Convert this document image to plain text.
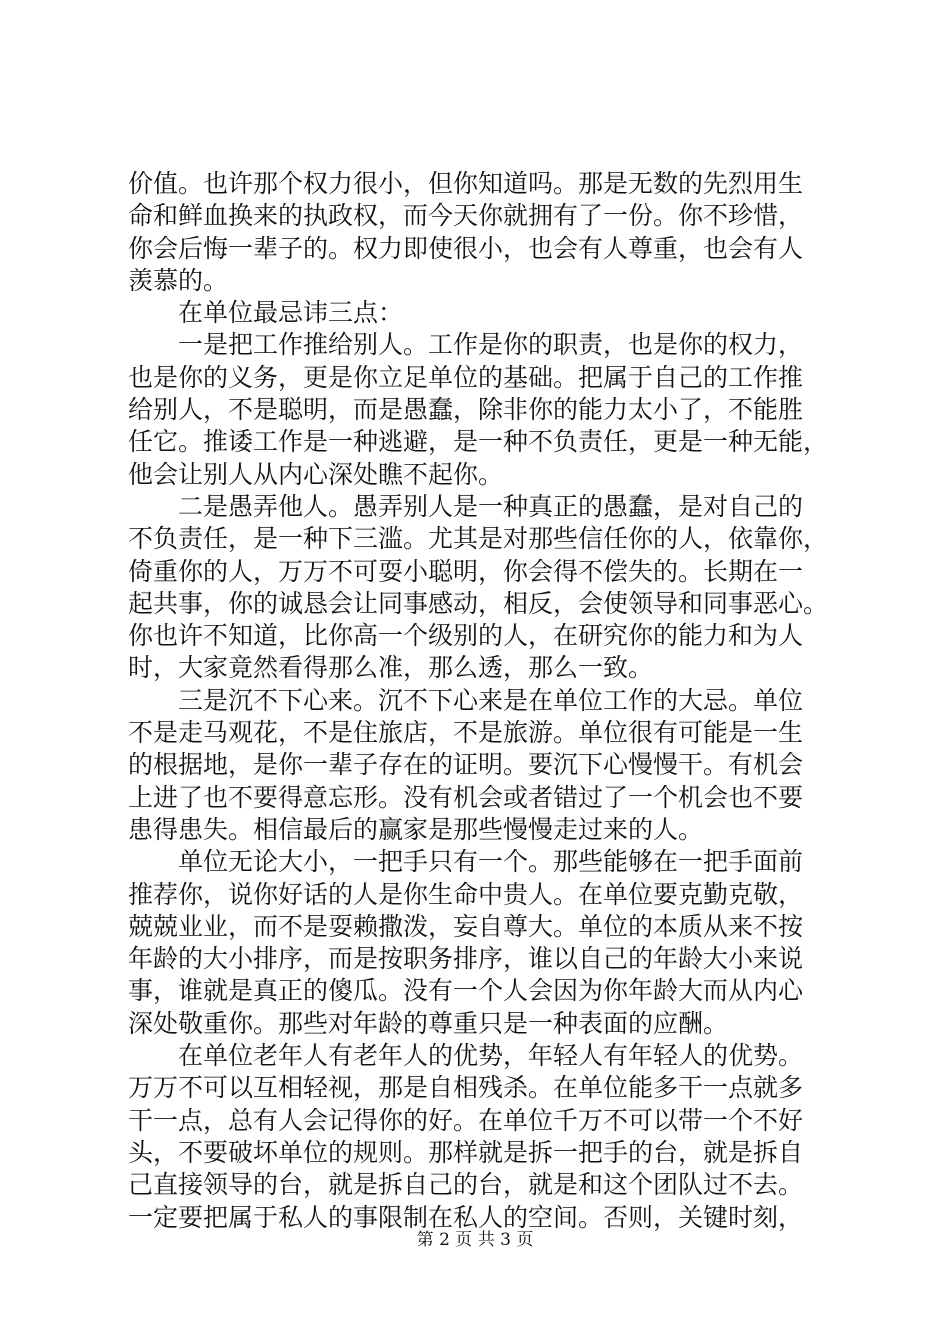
价值。也许那个权力很小，但你知道吗。那是无数的先烈用生
命和鲜血换来的执政权，而今天你就拥有了一份。你不珍惜，
你会后悔一辈子的。权力即使很小，也会有人尊重，也会有人
羡慕的。
　　在单位最忌讳三点：
　　一是把工作推给别人。工作是你的职责，也是你的权力，
也是你的义务，更是你立足单位的基础。把属于自己的工作推
给别人，不是聪明，而是愚蠢，除非你的能力太小了，不能胜
任它。推诿工作是一种逃避，是一种不负责任，更是一种无能，
他会让别人从内心深处瞧不起你。
　　二是愚弄他人。愚弄别人是一种真正的愚蠢，是对自己的
不负责任，是一种下三滥。尤其是对那些信任你的人，依靠你，
倚重你的人，万万不可耍小聪明，你会得不偿失的。长期在一
起共事，你的诚恳会让同事感动，相反，会使领导和同事恶心。
你也许不知道，比你高一个级别的人，在研究你的能力和为人
时，大家竟然看得那么准，那么透，那么一致。
　　三是沉不下心来。沉不下心来是在单位工作的大忌。单位
不是走马观花，不是住旅店，不是旅游。单位很有可能是一生
的根据地，是你一辈子存在的证明。要沉下心慢慢干。有机会
上进了也不要得意忘形。没有机会或者错过了一个机会也不要
患得患失。相信最后的赢家是那些慢慢走过来的人。
　　单位无论大小，一把手只有一个。那些能够在一把手面前
推荐你，说你好话的人是你生命中贵人。在单位要克勤克敬，
兢兢业业，而不是耍赖撒泼，妄自尊大。单位的本质从来不按
年龄的大小排序，而是按职务排序，谁以自己的年龄大小来说
事，谁就是真正的傻瓜。没有一个人会因为你年龄大而从内心
深处敬重你。那些对年龄的尊重只是一种表面的应酬。
　　在单位老年人有老年人的优势，年轻人有年轻人的优势。
万万不可以互相轻视，那是自相残杀。在单位能多干一点就多
干一点，总有人会记得你的好。在单位千万不可以带一个不好
头，不要破坏单位的规则。那样就是拆一把手的台，就是拆自
己直接领导的台，就是拆自己的台，就是和这个团队过不去。
一定要把属于私人的事限制在私人的空间。否则，关键时刻，
第 2 页 共 3 页
